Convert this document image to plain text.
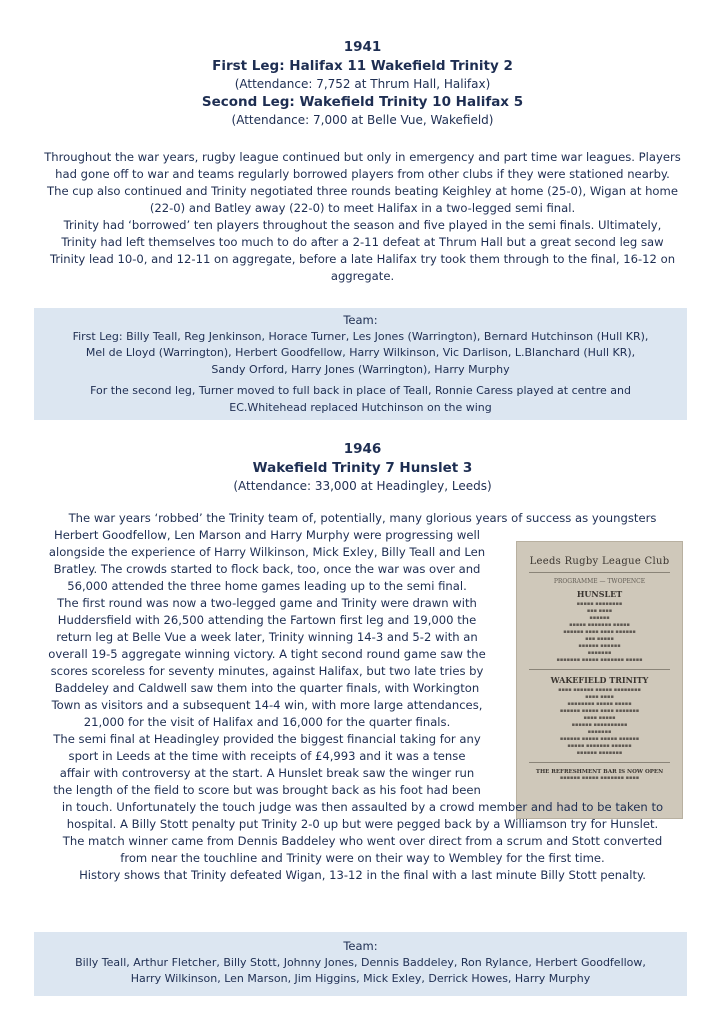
1941
First Leg: Halifax 11 Wakefield Trinity 2
(Attendance: 7,752 at Thrum Hall, Halifax)
Second Leg: Wakefield Trinity 10 Halifax 5
(Attendance: 7,000 at Belle Vue, Wakefield)

Throughout the war years, rugby league continued but only in emergency and part time war leagues. Players

had gone off to war and teams regularly borrowed players from other clubs if they were stationed nearby.

The cup also continued and Trinity negotiated three rounds beating Keighley at home (25-0), Wigan at home

(22-0) and Batley away (22-0) to meet Halifax in a two-legged semi final.

Trinity had ‘borrowed’ ten players throughout the season and five played in the semi finals. Ultimately,

Trinity had left themselves too much to do after a 2-11 defeat at Thrum Hall but a great second leg saw

Trinity lead 10-0, and 12-11 on aggregate, before a late Halifax try took them through to the final, 16-12 on

aggregate.

Team:
First Leg: Billy Teall, Reg Jenkinson, Horace Turner, Les Jones (Warrington), Bernard Hutchinson (Hull KR),
Mel de Lloyd (Warrington), Herbert Goodfellow, Harry Wilkinson, Vic Darlison, L.Blanchard (Hull KR),
Sandy Orford, Harry Jones (Warrington), Harry Murphy
For the second leg, Turner moved to full back in place of Teall, Ronnie Caress played at centre and
EC.Whitehead replaced Hutchinson on the wing
1946
Wakefield Trinity 7 Hunslet 3
(Attendance: 33,000 at Headingley, Leeds)

The war years ‘robbed’ the Trinity team of, potentially, many glorious years of success as youngsters

Herbert Goodfellow, Len Marson and Harry Murphy were progressing well

alongside the experience of Harry Wilkinson, Mick Exley, Billy Teall and Len

Bratley. The crowds started to flock back, too, once the war was over and

56,000 attended the three home games leading up to the semi final.

The first round was now a two-legged game and Trinity were drawn with

Huddersfield with 26,500 attending the Fartown first leg and 19,000 the

return leg at Belle Vue a week later, Trinity winning 14-3 and 5-2 with an

overall 19-5 aggregate winning victory. A tight second round game saw the

scores scoreless for seventy minutes, against Halifax, but two late tries by

Baddeley and Caldwell saw them into the quarter finals, with Workington

Town as visitors and a subsequent 14-4 win, with more large attendances,

21,000 for the visit of Halifax and 16,000 for the quarter finals.

The semi final at Headingley provided the biggest financial taking for any

sport in Leeds at the time with receipts of £4,993 and it was a tense

affair with controversy at the start. A Hunslet break saw the winger run

the length of the field to score but was brought back as his foot had been

Leeds Rugby League Club
PROGRAMME — TWOPENCE
HUNSLET
▪▪▪▪▪ ▪▪▪▪▪▪▪▪
▪▪▪ ▪▪▪▪
▪▪▪▪▪▪
▪▪▪▪▪ ▪▪▪▪▪▪▪ ▪▪▪▪▪
▪▪▪▪▪▪ ▪▪▪▪ ▪▪▪▪ ▪▪▪▪▪▪
▪▪▪ ▪▪▪▪▪
▪▪▪▪▪▪ ▪▪▪▪▪▪
▪▪▪▪▪▪▪
▪▪▪▪▪▪▪ ▪▪▪▪▪ ▪▪▪▪▪▪▪ ▪▪▪▪▪
WAKEFIELD TRINITY
▪▪▪▪ ▪▪▪▪▪▪ ▪▪▪▪▪ ▪▪▪▪▪▪▪▪
▪▪▪▪ ▪▪▪▪
▪▪▪▪▪▪▪▪ ▪▪▪▪▪ ▪▪▪▪▪
▪▪▪▪▪▪ ▪▪▪▪▪ ▪▪▪▪ ▪▪▪▪▪▪▪
▪▪▪▪ ▪▪▪▪▪
▪▪▪▪▪▪ ▪▪▪▪▪▪▪▪▪▪
▪▪▪▪▪▪▪
▪▪▪▪▪▪ ▪▪▪▪▪ ▪▪▪▪▪ ▪▪▪▪▪▪
▪▪▪▪▪ ▪▪▪▪▪▪▪ ▪▪▪▪▪▪
▪▪▪▪▪▪ ▪▪▪▪▪▪▪
THE REFRESHMENT BAR IS NOW OPEN
▪▪▪▪▪▪ ▪▪▪▪▪ ▪▪▪▪▪▪▪ ▪▪▪▪

in touch. Unfortunately the touch judge was then assaulted by a crowd member and had to be taken to

hospital. A Billy Stott penalty put Trinity 2-0 up but were pegged back by a Williamson try for Hunslet.

The match winner came from Dennis Baddeley who went over direct from a scrum and Stott converted

from near the touchline and Trinity were on their way to Wembley for the first time.

History shows that Trinity defeated Wigan, 13-12 in the final with a last minute Billy Stott penalty.

Team:
Billy Teall, Arthur Fletcher, Billy Stott, Johnny Jones, Dennis Baddeley, Ron Rylance, Herbert Goodfellow,
Harry Wilkinson, Len Marson, Jim Higgins, Mick Exley, Derrick Howes, Harry Murphy
